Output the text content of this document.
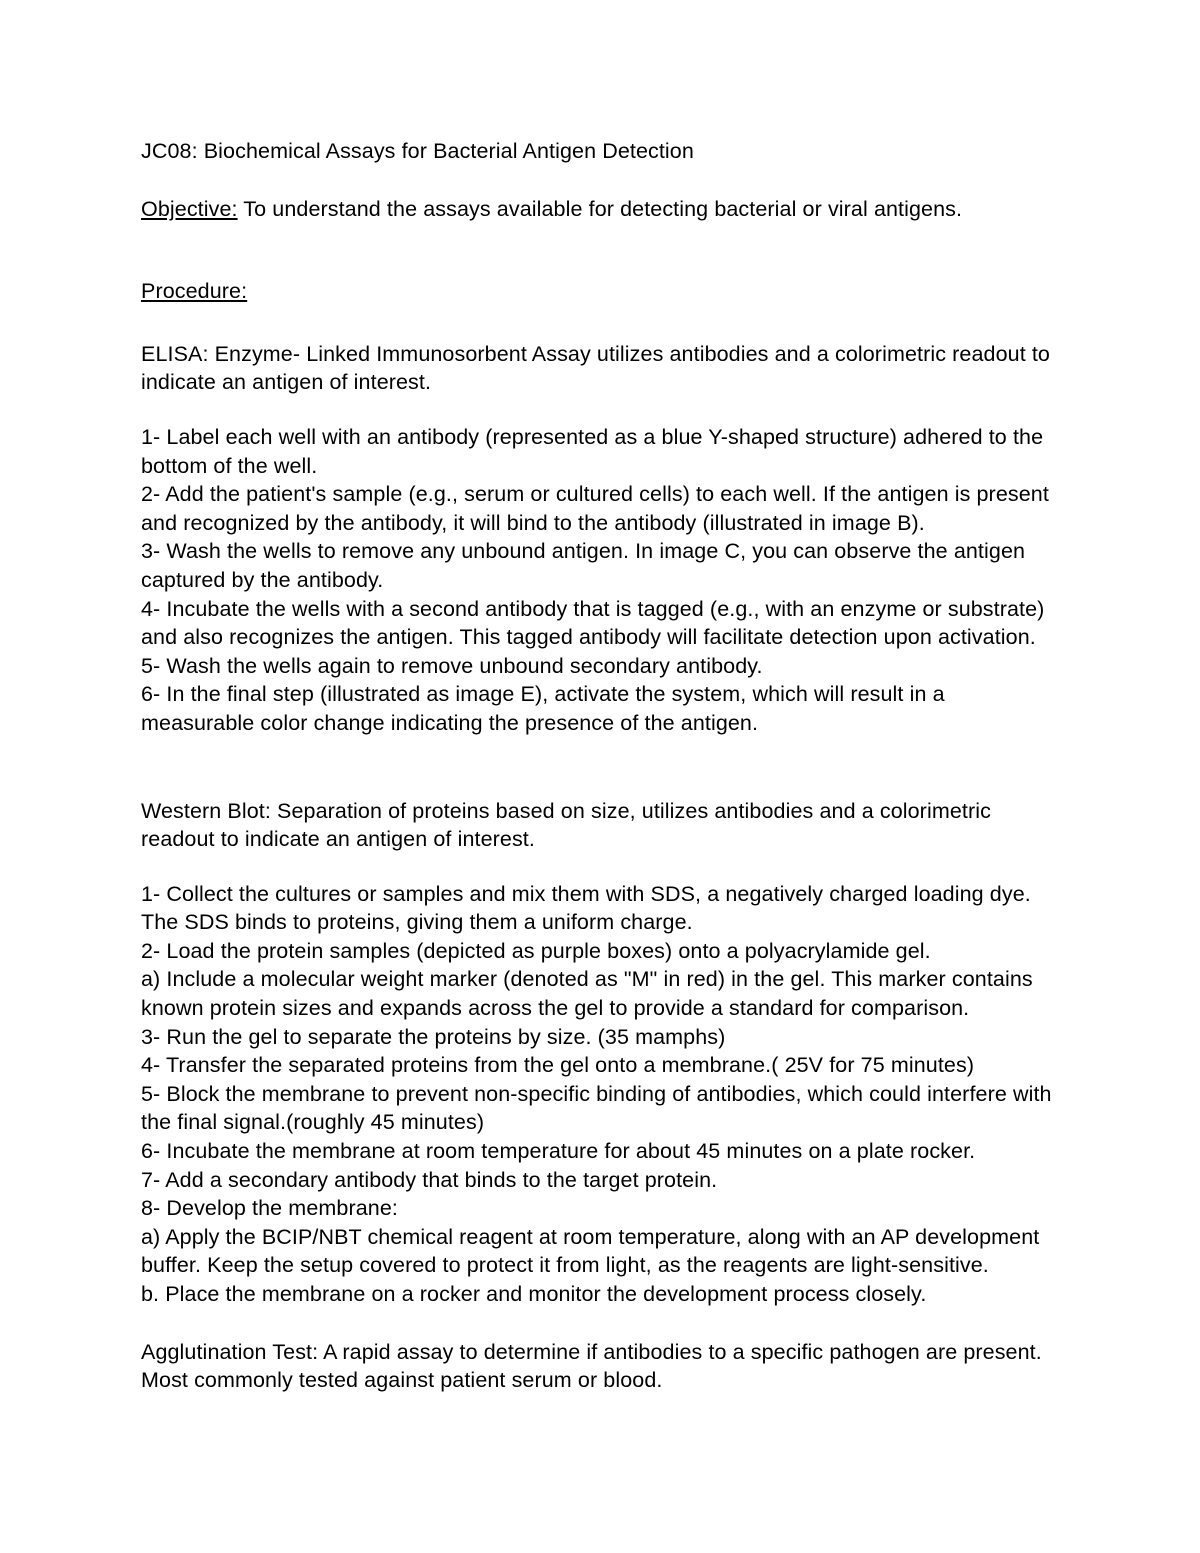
JC08: Biochemical Assays for Bacterial Antigen Detection

Objective: To understand the assays available for detecting bacterial or viral antigens.

Procedure:

ELISA: Enzyme- Linked Immunosorbent Assay utilizes antibodies and a colorimetric readout to indicate an antigen of interest.

1- Label each well with an antibody (represented as a blue Y-shaped structure) adhered to the bottom of the well.

2- Add the patient's sample (e.g., serum or cultured cells) to each well. If the antigen is present and recognized by the antibody, it will bind to the antibody (illustrated in image B).

3- Wash the wells to remove any unbound antigen. In image C, you can observe the antigen captured by the antibody.

4- Incubate the wells with a second antibody that is tagged (e.g., with an enzyme or substrate) and also recognizes the antigen. This tagged antibody will facilitate detection upon activation.

5- Wash the wells again to remove unbound secondary antibody.

6- In the final step (illustrated as image E), activate the system, which will result in a measurable color change indicating the presence of the antigen.

Western Blot: Separation of proteins based on size, utilizes antibodies and a colorimetric readout to indicate an antigen of interest.

1- Collect the cultures or samples and mix them with SDS, a negatively charged loading dye. The SDS binds to proteins, giving them a uniform charge.

2- Load the protein samples (depicted as purple boxes) onto a polyacrylamide gel.

a) Include a molecular weight marker (denoted as "M" in red) in the gel. This marker contains known protein sizes and expands across the gel to provide a standard for comparison.

3- Run the gel to separate the proteins by size. (35 mamphs)

4- Transfer the separated proteins from the gel onto a membrane.( 25V for 75 minutes)

5- Block the membrane to prevent non-specific binding of antibodies, which could interfere with the final signal.(roughly 45 minutes)

6- Incubate the membrane at room temperature for about 45 minutes on a plate rocker.

7- Add a secondary antibody that binds to the target protein.

8- Develop the membrane:

a) Apply the BCIP/NBT chemical reagent at room temperature, along with an AP development buffer. Keep the setup covered to protect it from light, as the reagents are light-sensitive.

b. Place the membrane on a rocker and monitor the development process closely.

Agglutination Test: A rapid assay to determine if antibodies to a specific pathogen are present. Most commonly tested against patient serum or blood.
